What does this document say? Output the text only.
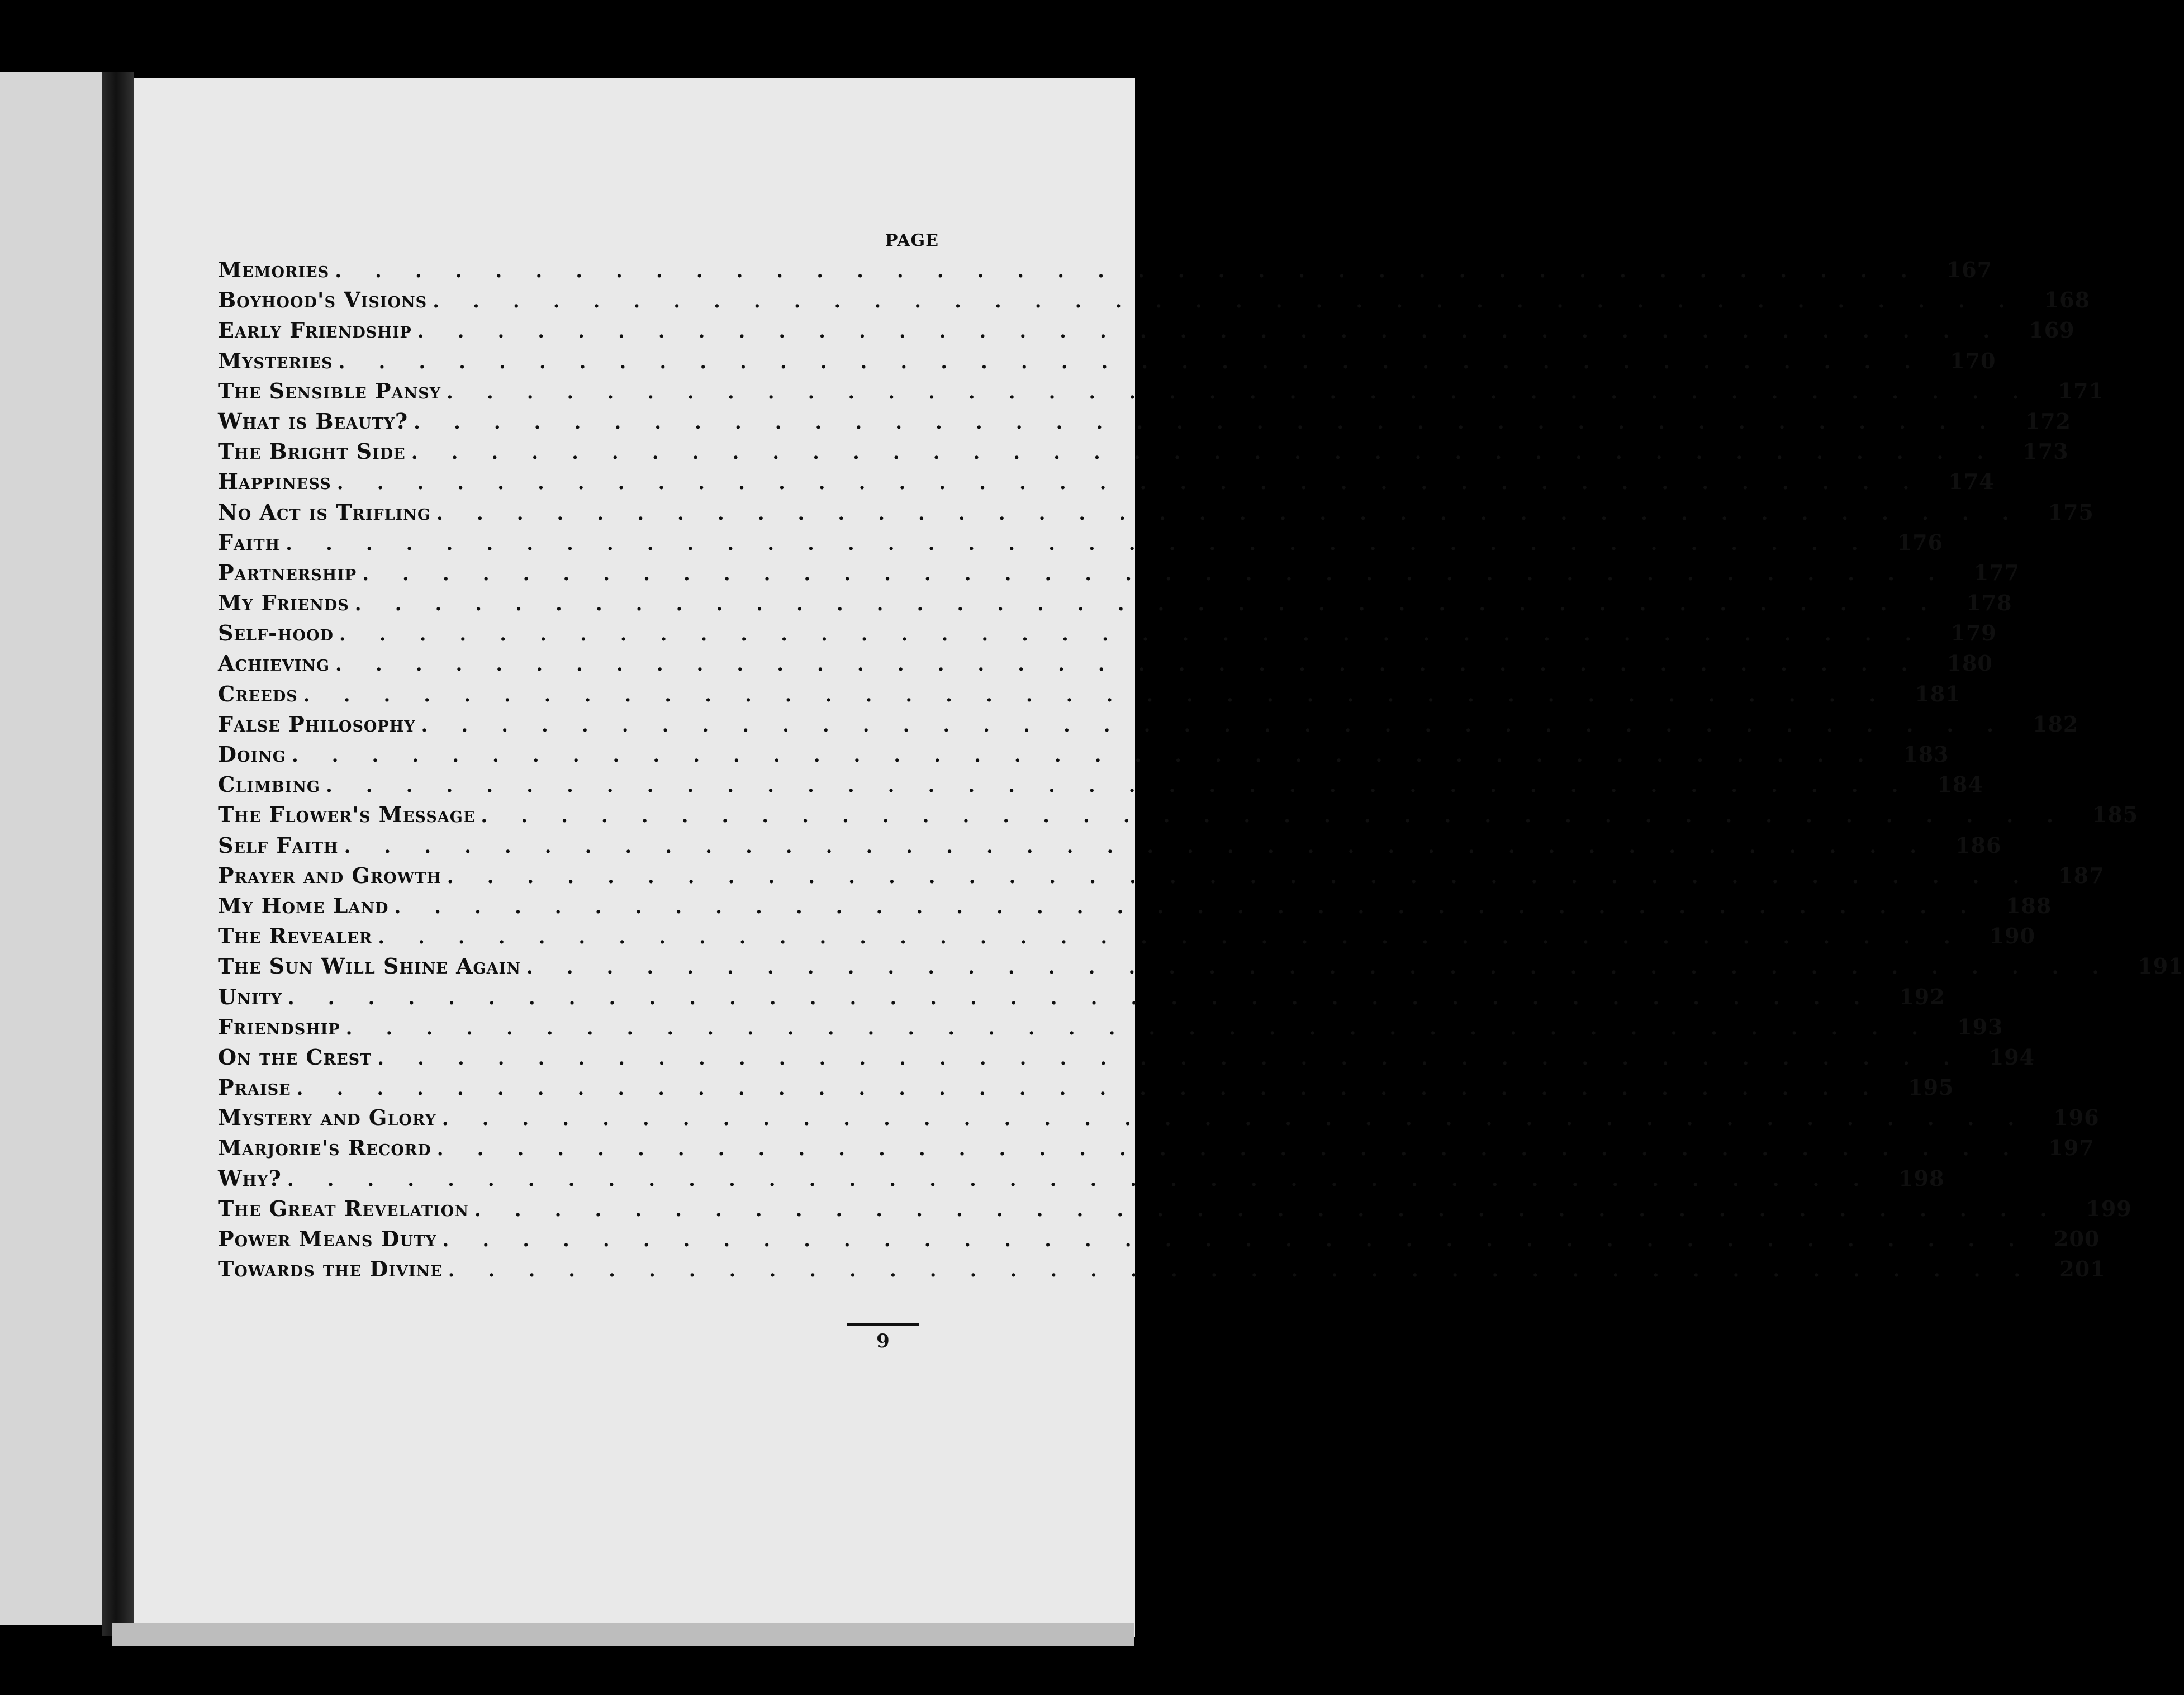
PAGE
Memories ........................................ 167
Boyhood's Visions ........................................ 168
Early Friendship ........................................ 169
Mysteries ........................................ 170
The Sensible Pansy ........................................ 171
What is Beauty? ........................................ 172
The Bright Side ........................................ 173
Happiness ........................................ 174
No Act is Trifling ........................................ 175
Faith ........................................ 176
Partnership ........................................ 177
My Friends ........................................ 178
Self-hood ........................................ 179
Achieving ........................................ 180
Creeds ........................................ 181
False Philosophy ........................................ 182
Doing ........................................ 183
Climbing ........................................ 184
The Flower's Message ........................................ 185
Self Faith ........................................ 186
Prayer and Growth ........................................ 187
My Home Land ........................................ 188
The Revealer ........................................ 190
The Sun Will Shine Again ........................................ 191
Unity ........................................ 192
Friendship ........................................ 193
On the Crest ........................................ 194
Praise ........................................ 195
Mystery and Glory ........................................ 196
Marjorie's Record ........................................ 197
Why? ........................................ 198
The Great Revelation ........................................ 199
Power Means Duty ........................................ 200
Towards the Divine ........................................ 201
9
